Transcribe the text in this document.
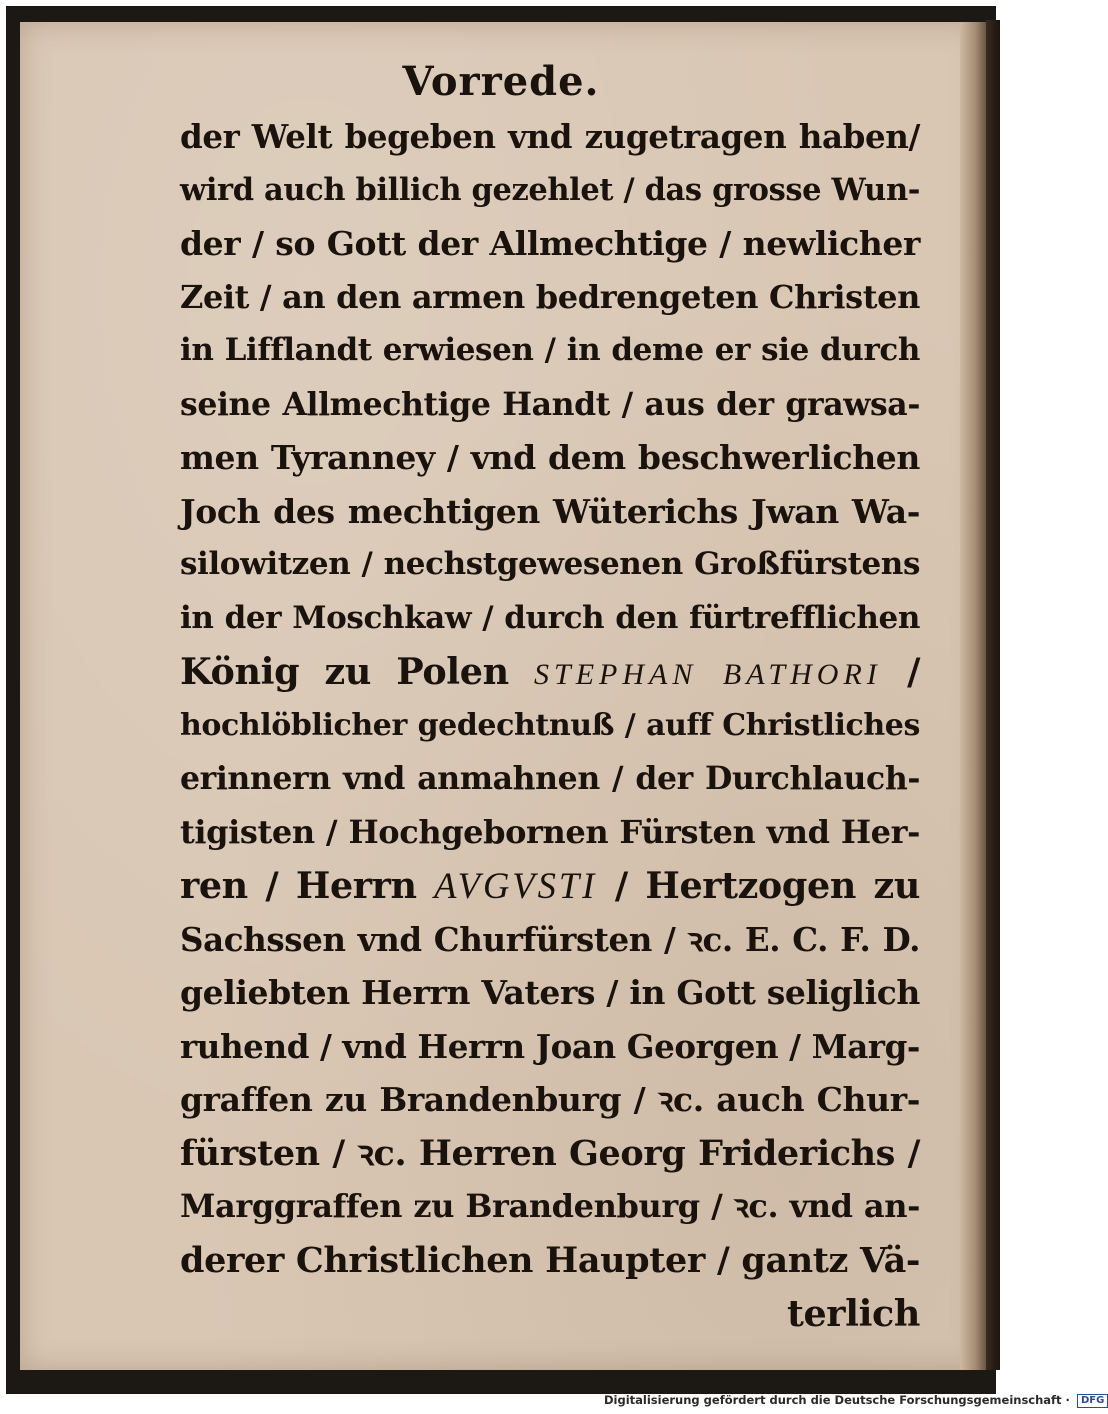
Vorrede.
der Welt begeben vnd zugetragen haben/
wird auch billich gezehlet / das grosse Wun-
der / so Gott der Allmechtige / newlicher
Zeit / an den armen bedrengeten Christen
in Lifflandt erwiesen / in deme er sie durch
seine Allmechtige Handt / aus der grawsa-
men Tyranney / vnd dem beschwerlichen
Joch des mechtigen Wüterichs Jwan Wa-
silowitzen / nechstgewesenen Großfürstens
in der Moschkaw / durch den fürtrefflichen
König zu Polen STEPHAN BATHORI /
hochlöblicher gedechtnuß / auff Christliches
erinnern vnd anmahnen / der Durchlauch-
tigisten / Hochgebornen Fürsten vnd Her-
ren / Herrn AVGVSTI / Hertzogen zu
Sachssen vnd Churfürsten / ꝛc. E. C. F. D.
geliebten Herrn Vaters / in Gott seliglich
ruhend / vnd Herrn Joan Georgen / Marg-
graffen zu Brandenburg / ꝛc. auch Chur-
fürsten / ꝛc. Herren Georg Friderichs /
Marggraffen zu Brandenburg / ꝛc. vnd an-
derer Christlichen Haupter / gantz Vä-
terlich
Digitalisierung gefördert durch die Deutsche Forschungsgemeinschaft · DFG
